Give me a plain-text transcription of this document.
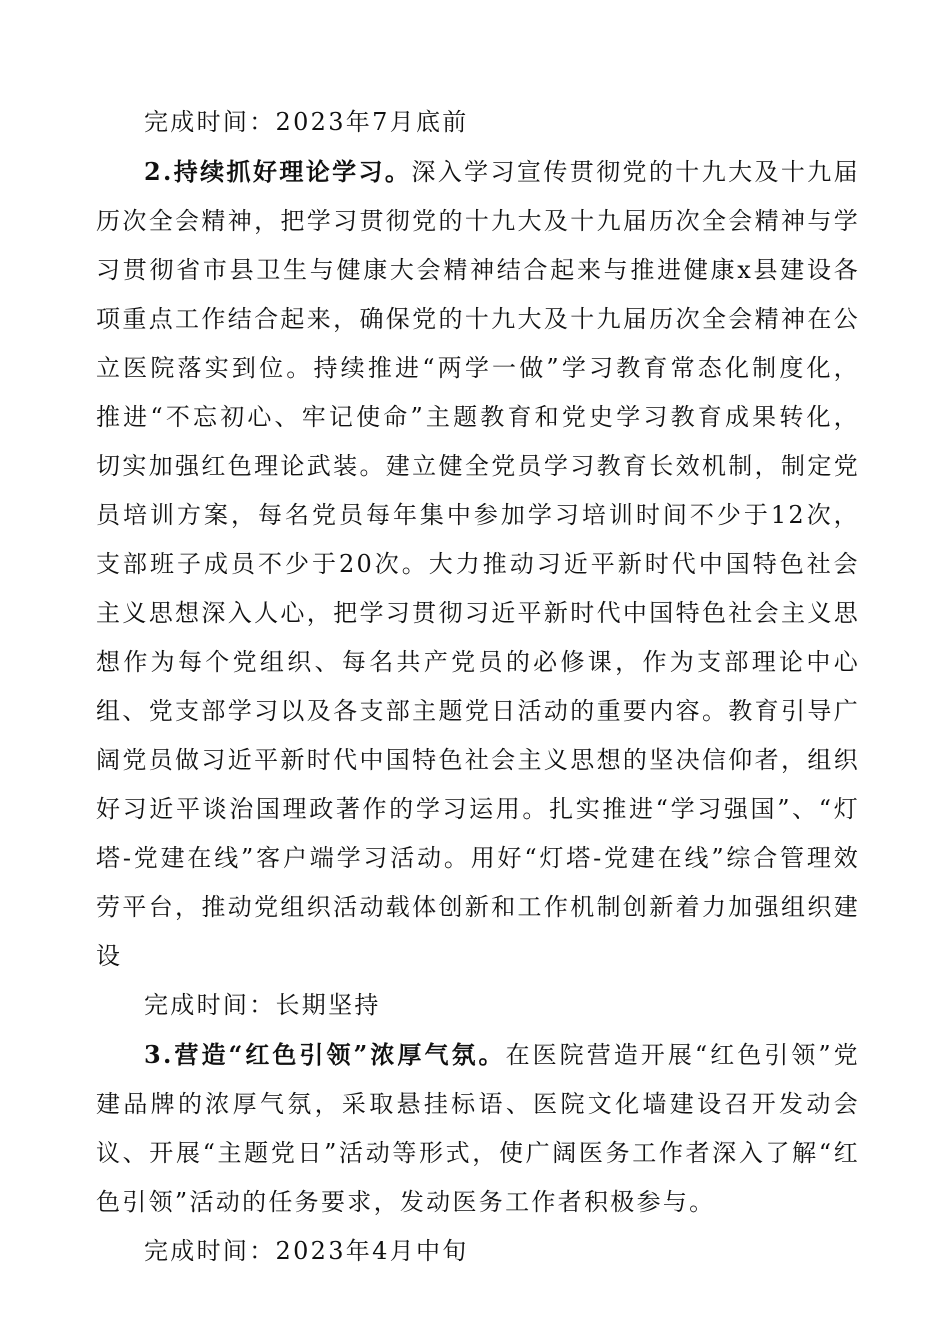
完成时间：2023年7月底前

2.持续抓好理论学习。深入学习宣传贯彻党的十九大及十九届历次全会精神，把学习贯彻党的十九大及十九届历次全会精神与学习贯彻省市县卫生与健康大会精神结合起来与推进健康x县建设各项重点工作结合起来，确保党的十九大及十九届历次全会精神在公立医院落实到位。持续推进“两学一做”学习教育常态化制度化，推进“不忘初心、牢记使命”主题教育和党史学习教育成果转化，切实加强红色理论武装。建立健全党员学习教育长效机制，制定党员培训方案，每名党员每年集中参加学习培训时间不少于12次，支部班子成员不少于20次。大力推动习近平新时代中国特色社会主义思想深入人心，把学习贯彻习近平新时代中国特色社会主义思想作为每个党组织、每名共产党员的必修课，作为支部理论中心组、党支部学习以及各支部主题党日活动的重要内容。教育引导广阔党员做习近平新时代中国特色社会主义思想的坚决信仰者，组织好习近平谈治国理政著作的学习运用。扎实推进“学习强国”、“灯塔-党建在线”客户端学习活动。用好“灯塔-党建在线”综合管理效劳平台，推动党组织活动载体创新和工作机制创新着力加强组织建设

完成时间：长期坚持

3.营造“红色引领”浓厚气氛。在医院营造开展“红色引领”党建品牌的浓厚气氛，采取悬挂标语、医院文化墙建设召开发动会议、开展“主题党日”活动等形式，使广阔医务工作者深入了解“红色引领”活动的任务要求，发动医务工作者积极参与。

完成时间：2023年4月中旬
